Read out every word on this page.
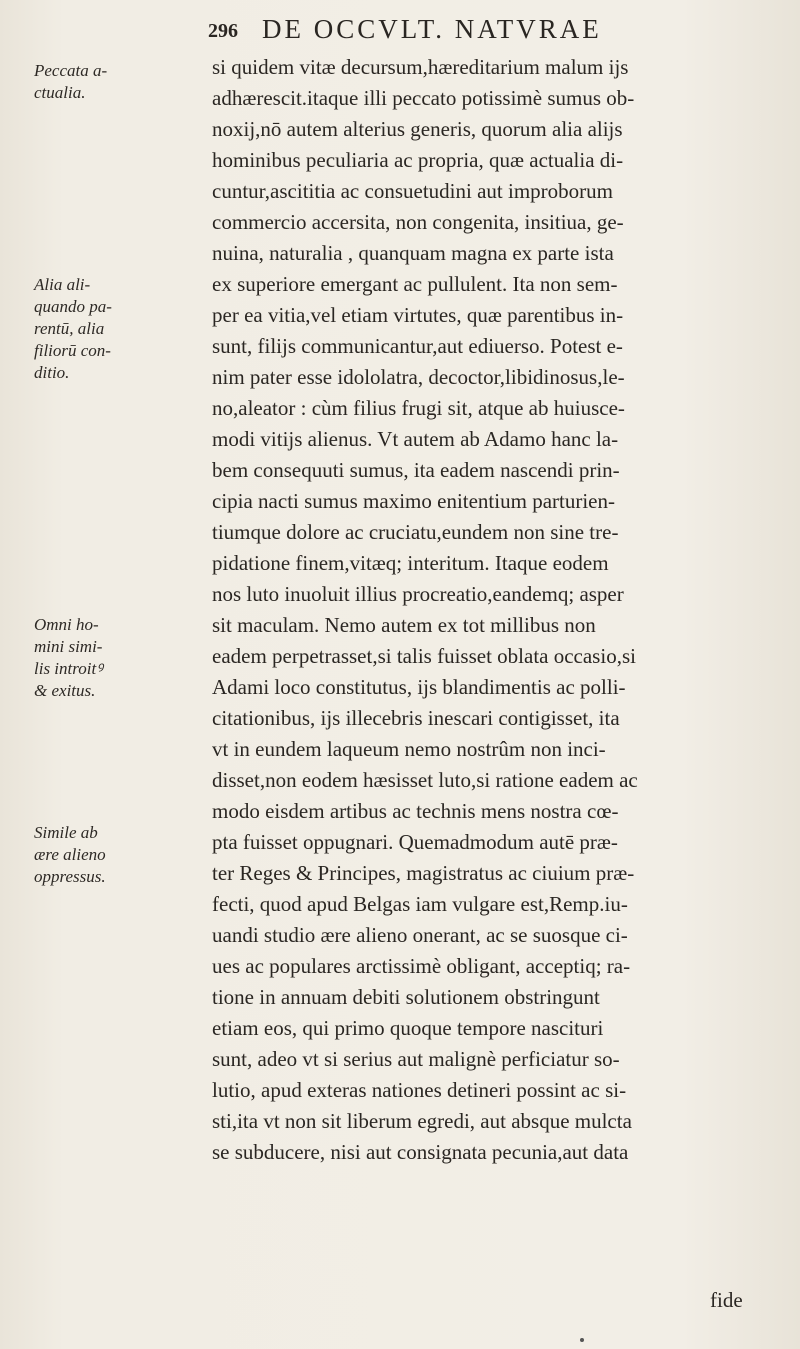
296 DE OCCVLT. NATVRAE
Peccata a-
ctualia.
Alia ali-
quando pa-
rentū, alia
filiorū con-
ditio.
Omni ho-
mini simi-
lis introitꝰ
& exitus.
Simile ab
ære alieno
oppressus.
si quidem vitæ decursum,hæreditarium malum ijs
adhærescit.itaque illi peccato potissimè sumus ob-
noxij,nō autem alterius generis, quorum alia alijs
hominibus peculiaria ac propria, quæ actualia di-
cuntur,ascititia ac consuetudini aut improborum
commercio accersita, non congenita, insitiua, ge-
nuina, naturalia , quanquam magna ex parte ista
ex superiore emergant ac pullulent. Ita non sem-
per ea vitia,vel etiam virtutes, quæ parentibus in-
sunt, filijs communicantur,aut ediuerso. Potest e-
nim pater esse idololatra, decoctor,libidinosus,le-
no,aleator : cùm filius frugi sit, atque ab huiusce-
modi vitijs alienus. Vt autem ab Adamo hanc la-
bem consequuti sumus, ita eadem nascendi prin-
cipia nacti sumus maximo enitentium parturien-
tiumque dolore ac cruciatu,eundem non sine tre-
pidatione finem,vitæq; interitum. Itaque eodem
nos luto inuoluit illius procreatio,eandemq; asper
sit maculam. Nemo autem ex tot millibus non
eadem perpetrasset,si talis fuisset oblata occasio,si
Adami loco constitutus, ijs blandimentis ac polli-
citationibus, ijs illecebris inescari contigisset, ita
vt in eundem laqueum nemo nostrûm non inci-
disset,non eodem hæsisset luto,si ratione eadem ac
modo eisdem artibus ac technis mens nostra cœ-
pta fuisset oppugnari. Quemadmodum autē præ-
ter Reges & Principes, magistratus ac ciuium præ-
fecti, quod apud Belgas iam vulgare est,Remp.iu-
uandi studio ære alieno onerant, ac se suosque ci-
ues ac populares arctissimè obligant, acceptiq; ra-
tione in annuam debiti solutionem obstringunt
etiam eos, qui primo quoque tempore nascituri
sunt, adeo vt si serius aut malignè perficiatur so-
lutio, apud exteras nationes detineri possint ac si-
sti,ita vt non sit liberum egredi, aut absque mulcta
se subducere, nisi aut consignata pecunia,aut data
fide
